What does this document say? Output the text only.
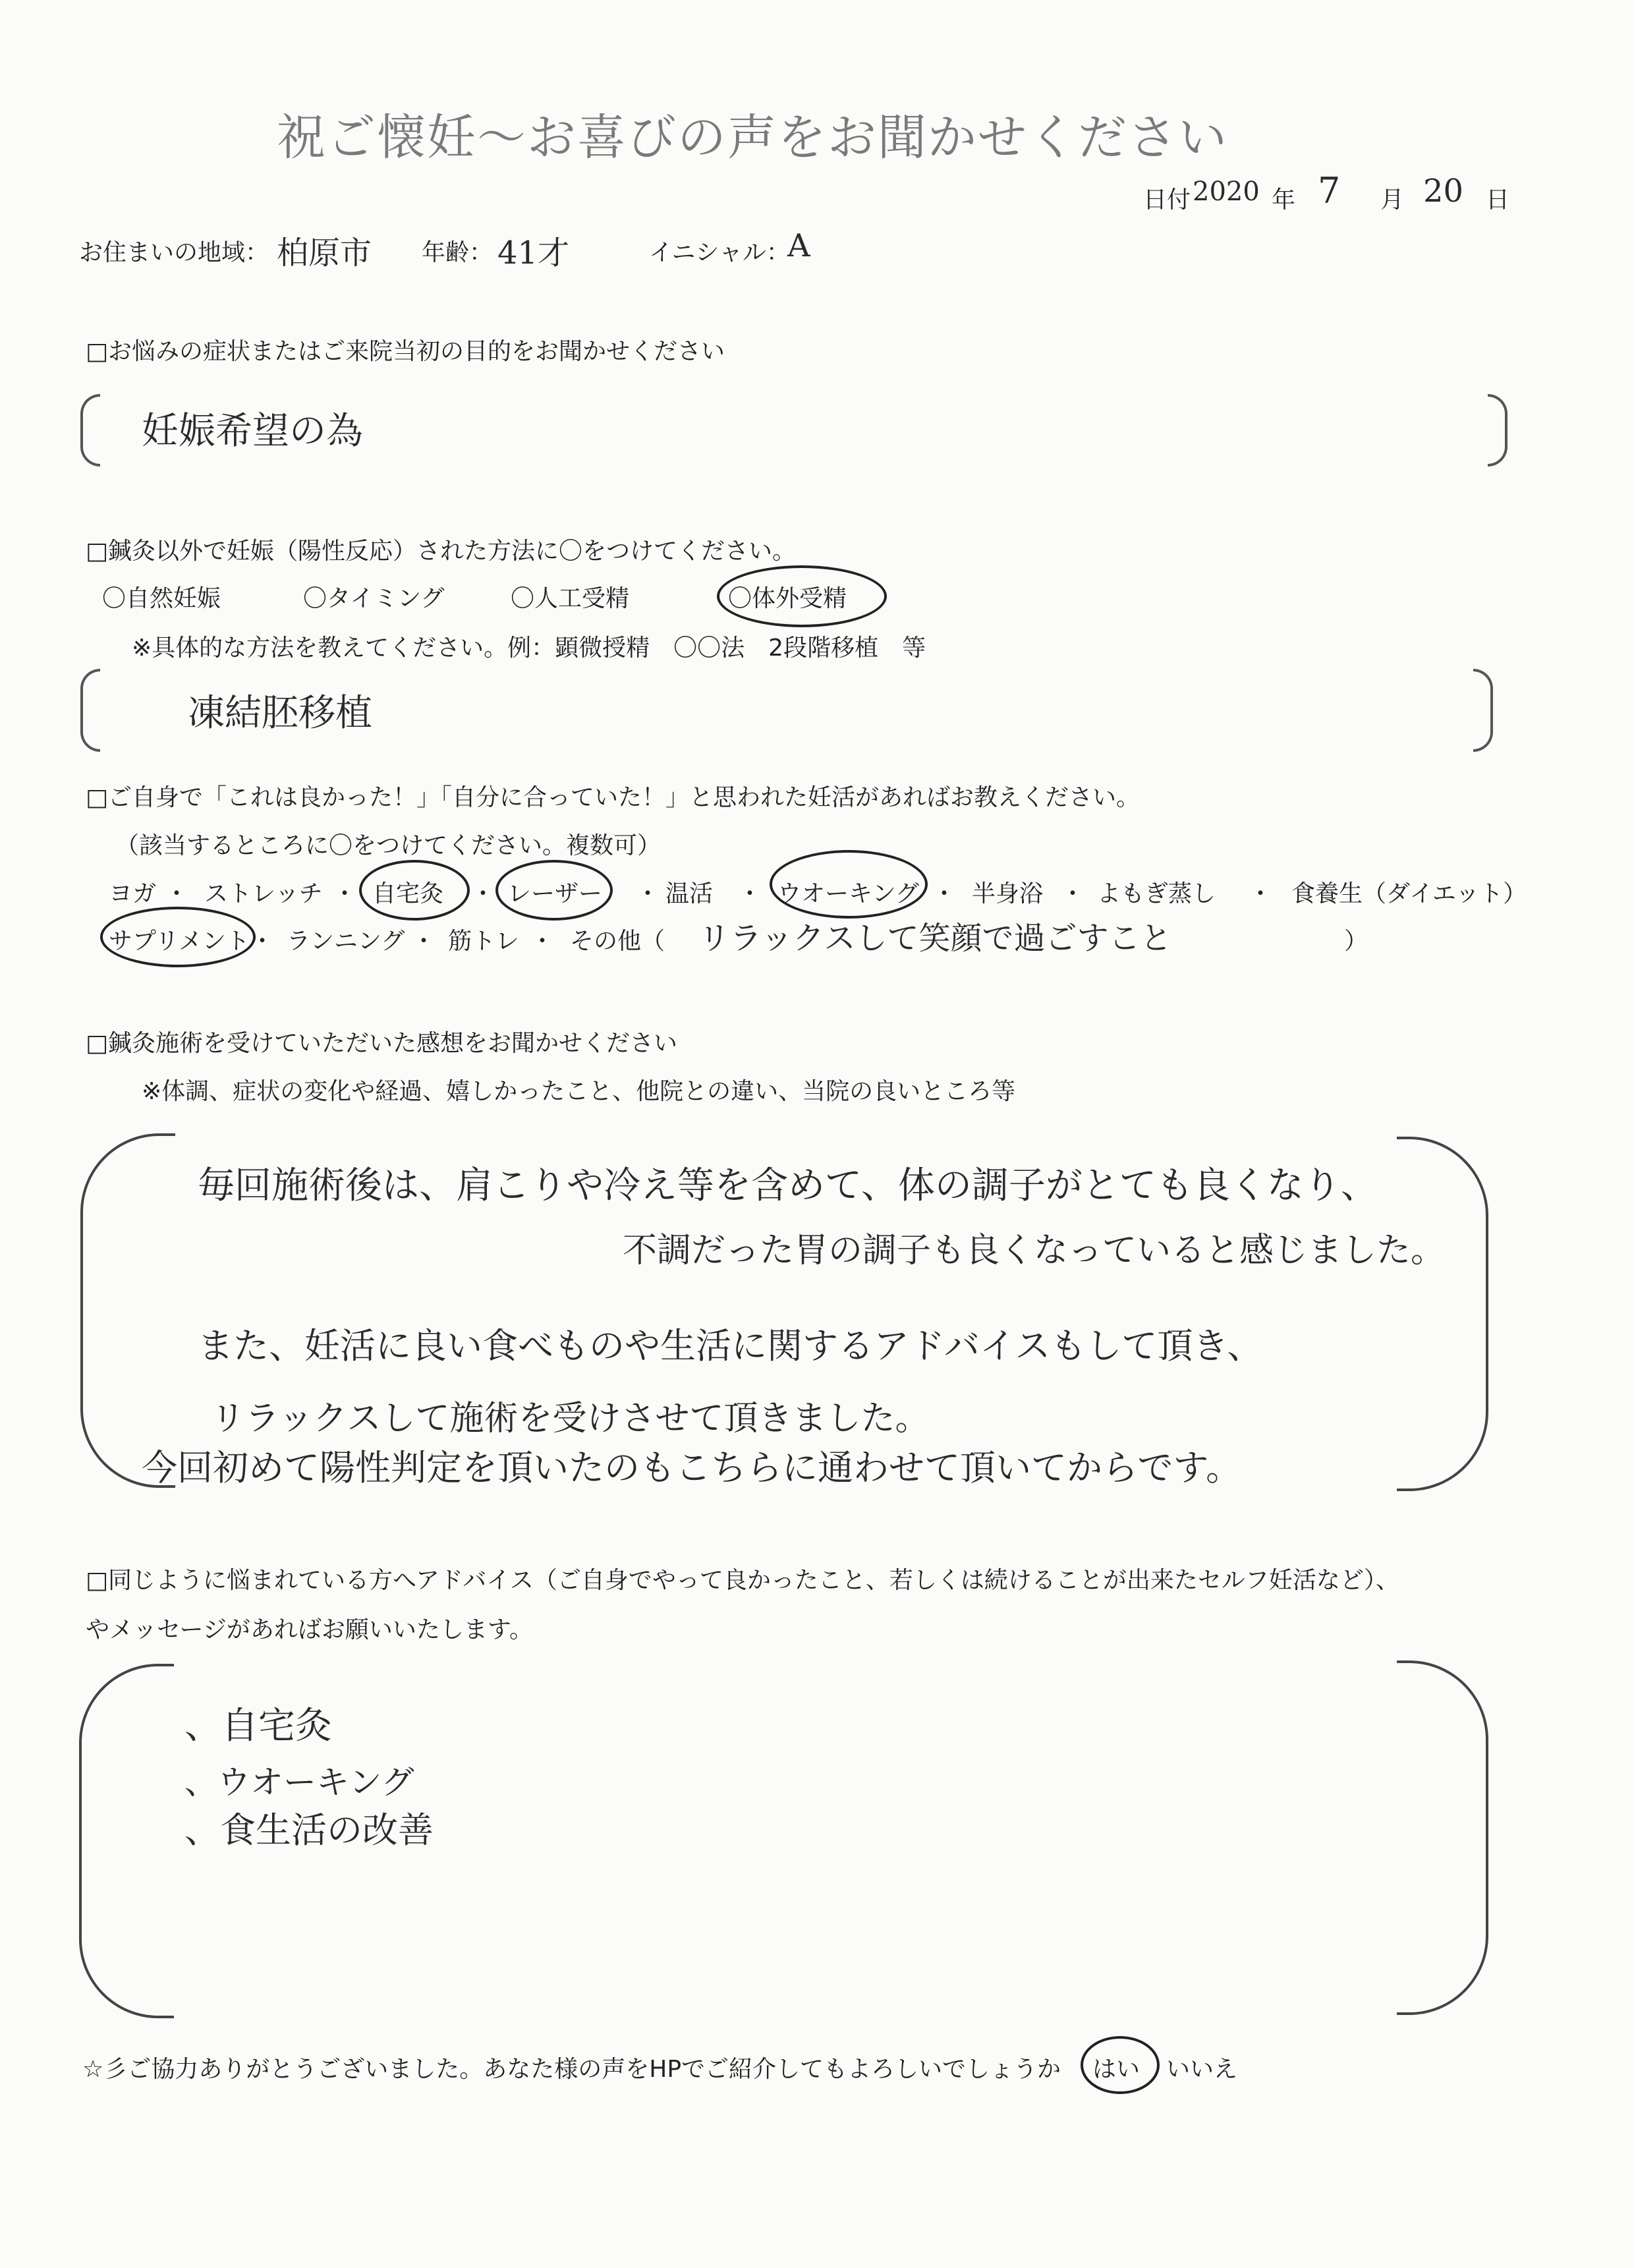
祝ご懐妊～お喜びの声をお聞かせください
日付 2020 年 7 月 20 日
お住まいの地域： 柏原市 年齢： 41才	イニシャル：
A
□お悩みの症状またはご来院当初の目的をお聞かせください
妊娠希望の為
□鍼灸以外で妊娠（陽性反応）された方法に〇をつけてください。
〇自然妊娠	〇タイミング	〇人工受精	〇体外受精
※具体的な方法を教えてください。例：顕微授精　〇〇法　2段階移植　等
凍結胚移植
□ご自身で「これは良かった！」「自分に合っていた！」と思われた妊活があればお教えください。
（該当するところに〇をつけてください。複数可）
ヨガ ・ ストレッチ ・ 自宅灸 ・ レーザー ・ 温活 ・ ウオーキング ・ 半身浴 ・ よもぎ蒸し ・ 食養生（ダイエット）
サプリメント ・ ランニング ・ 筋トレ ・ その他（ リラックスして笑顔で過ごすこと	）
□鍼灸施術を受けていただいた感想をお聞かせください
※体調、症状の変化や経過、嬉しかったこと、他院との違い、当院の良いところ等
毎回施術後は、肩こりや冷え等を含めて、体の調子がとても良くなり、
不調だった胃の調子も良くなっていると感じました。
また、妊活に良い食べものや生活に関するアドバイスもして頂き、
リラックスして施術を受けさせて頂きました。
今回初めて陽性判定を頂いたのもこちらに通わせて頂いてからです。
□同じように悩まれている方へアドバイス（ご自身でやって良かったこと、若しくは続けることが出来たセルフ妊活など）、
やメッセージがあればお願いいたします。
、自宅灸
、ウオーキング
、食生活の改善
☆彡ご協力ありがとうございました。あなた様の声をHPでご紹介してもよろしいでしょうか はい いいえ
